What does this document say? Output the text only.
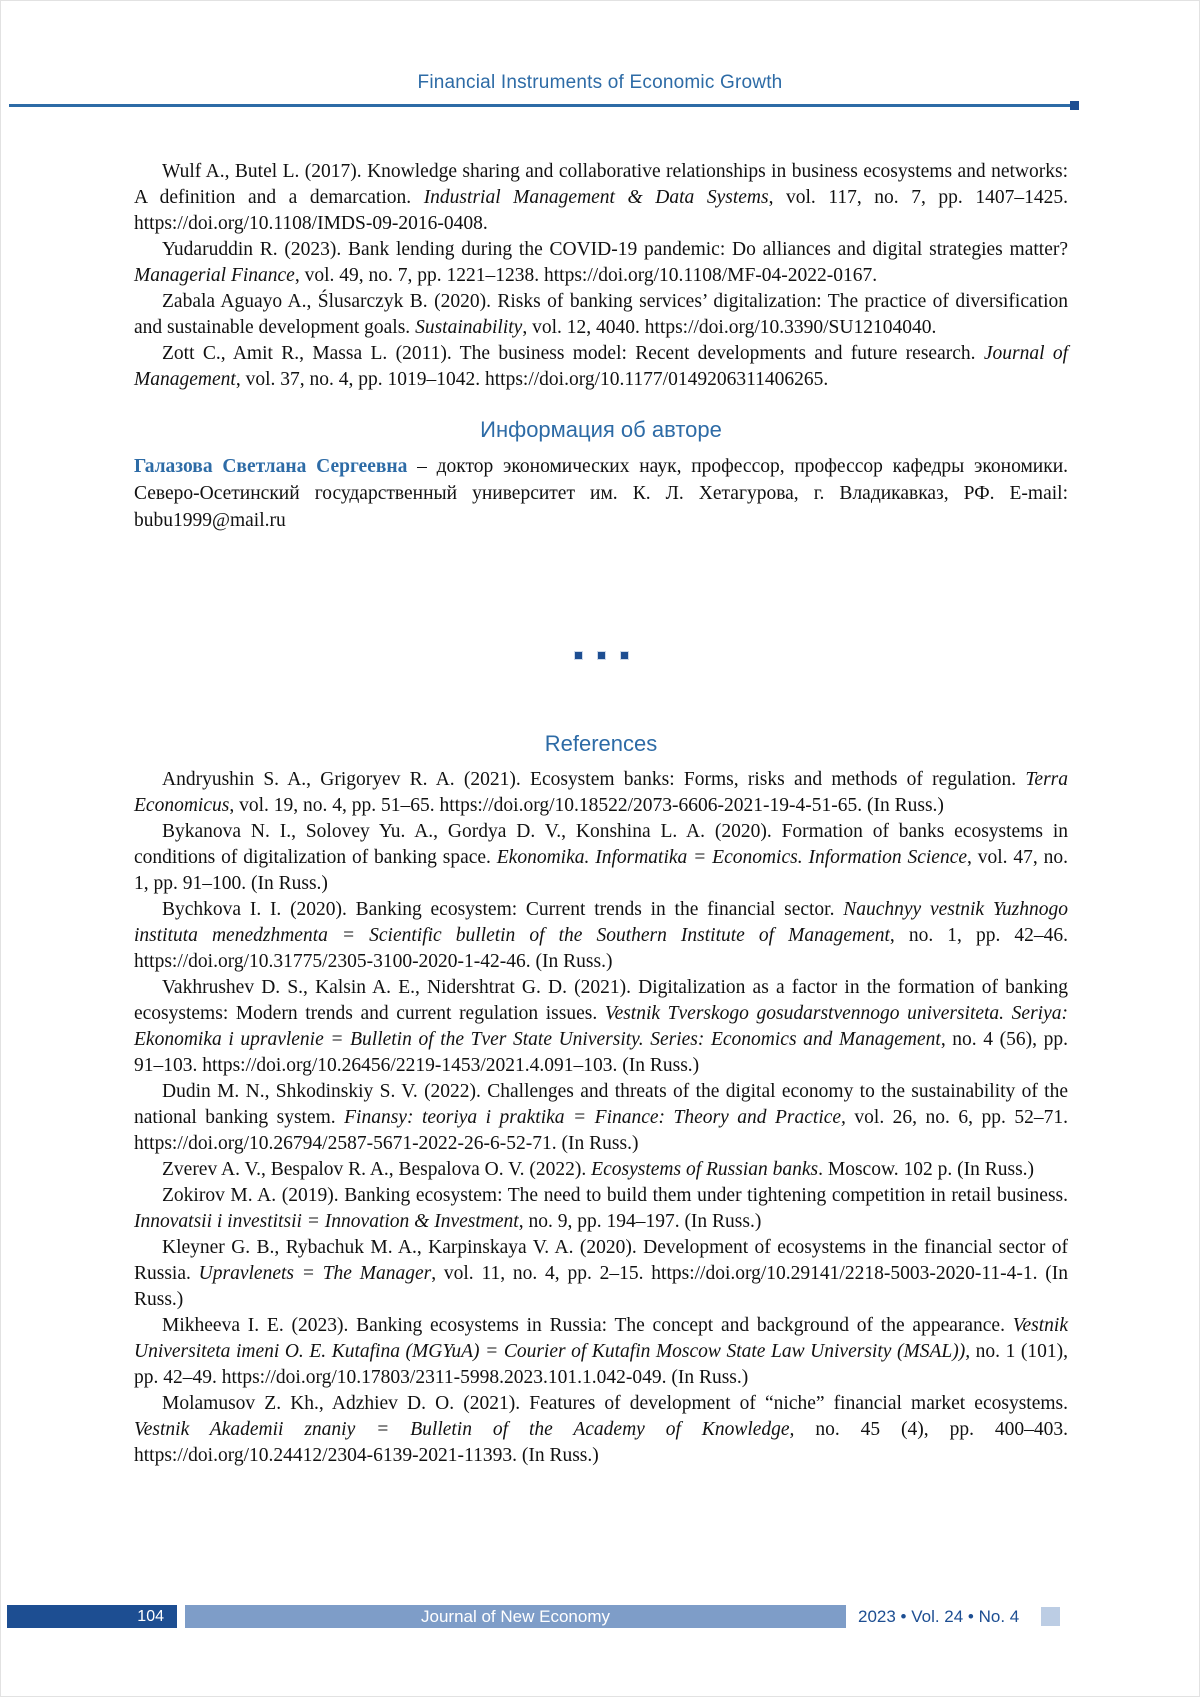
Financial Instruments of Economic Growth

Wulf A., Butel L. (2017). Knowledge sharing and collaborative relationships in business ecosystems and networks: A definition and a demarcation. Industrial Management & Data Systems, vol. 117, no. 7, pp. 1407–1425. https://doi.org/10.1108/IMDS-09-2016-0408.

Yudaruddin R. (2023). Bank lending during the COVID-19 pandemic: Do alliances and digital strategies matter? Managerial Finance, vol. 49, no. 7, pp. 1221–1238. https://doi.org/10.1108/MF-04-2022-0167.

Zabala Aguayo A., Ślusarczyk B. (2020). Risks of banking services’ digitalization: The practice of diversification and sustainable development goals. Sustainability, vol. 12, 4040. https://doi.org/10.3390/SU12104040.

Zott C., Amit R., Massa L. (2011). The business model: Recent developments and future research. Journal of Management, vol. 37, no. 4, pp. 1019–1042. https://doi.org/10.1177/0149206311406265.

Информация об авторе

Галазова Светлана Сергеевна – доктор экономических наук, профессор, профессор кафедры экономики. Северо-Осетинский государственный университет им. К. Л. Хетагурова, г. Владикавказ, РФ. E-mail: bubu1999@mail.ru

References

Andryushin S. A., Grigoryev R. A. (2021). Ecosystem banks: Forms, risks and methods of regulation. Terra Economicus, vol. 19, no. 4, pp. 51–65. https://doi.org/10.18522/2073-6606-2021-19-4-51-65. (In Russ.)

Bykanova N. I., Solovey Yu. A., Gordya D. V., Konshina L. A. (2020). Formation of banks ecosystems in conditions of digitalization of banking space. Ekonomika. Informatika = Economics. Information Science, vol. 47, no. 1, pp. 91–100. (In Russ.)

Bychkova I. I. (2020). Banking ecosystem: Current trends in the financial sector. Nauchnyy vestnik Yuzhnogo instituta menedzhmenta = Scientific bulletin of the Southern Institute of Management, no. 1, pp. 42–46. https://doi.org/10.31775/2305-3100-2020-1-42-46. (In Russ.)

Vakhrushev D. S., Kalsin A. E., Nidershtrat G. D. (2021). Digitalization as a factor in the formation of banking ecosystems: Modern trends and current regulation issues. Vestnik Tverskogo gosudarstvennogo universiteta. Seriya: Ekonomika i upravlenie = Bulletin of the Tver State University. Series: Economics and Management, no. 4 (56), pp. 91–103. https://doi.org/10.26456/2219-1453/2021.4.091–103. (In Russ.)

Dudin M. N., Shkodinskiy S. V. (2022). Challenges and threats of the digital economy to the sustainability of the national banking system. Finansy: teoriya i praktika = Finance: Theory and Practice, vol. 26, no. 6, pp. 52–71. https://doi.org/10.26794/2587-5671-2022-26-6-52-71. (In Russ.)

Zverev A. V., Bespalov R. A., Bespalova O. V. (2022). Ecosystems of Russian banks. Moscow. 102 p. (In Russ.)

Zokirov M. A. (2019). Banking ecosystem: The need to build them under tightening competition in retail business. Innovatsii i investitsii = Innovation & Investment, no. 9, pp. 194–197. (In Russ.)

Kleyner G. B., Rybachuk M. A., Karpinskaya V. A. (2020). Development of ecosystems in the financial sector of Russia. Upravlenets = The Manager, vol. 11, no. 4, pp. 2–15. https://doi.org/10.29141/2218-5003-2020-11-4-1. (In Russ.)

Mikheeva I. E. (2023). Banking ecosystems in Russia: The concept and background of the appearance. Vestnik Universiteta imeni O. E. Kutafina (MGYuA) = Courier of Kutafin Moscow State Law University (MSAL)), no. 1 (101), pp. 42–49. https://doi.org/10.17803/2311-5998.2023.101.1.042-049. (In Russ.)

Molamusov Z. Kh., Adzhiev D. O. (2021). Features of development of “niche” financial market ecosystems. Vestnik Akademii znaniy = Bulletin of the Academy of Knowledge, no. 45 (4), pp. 400–403. https://doi.org/10.24412/2304-6139-2021-11393. (In Russ.)

104	Journal of New Economy	2023 • Vol. 24 • No. 4
